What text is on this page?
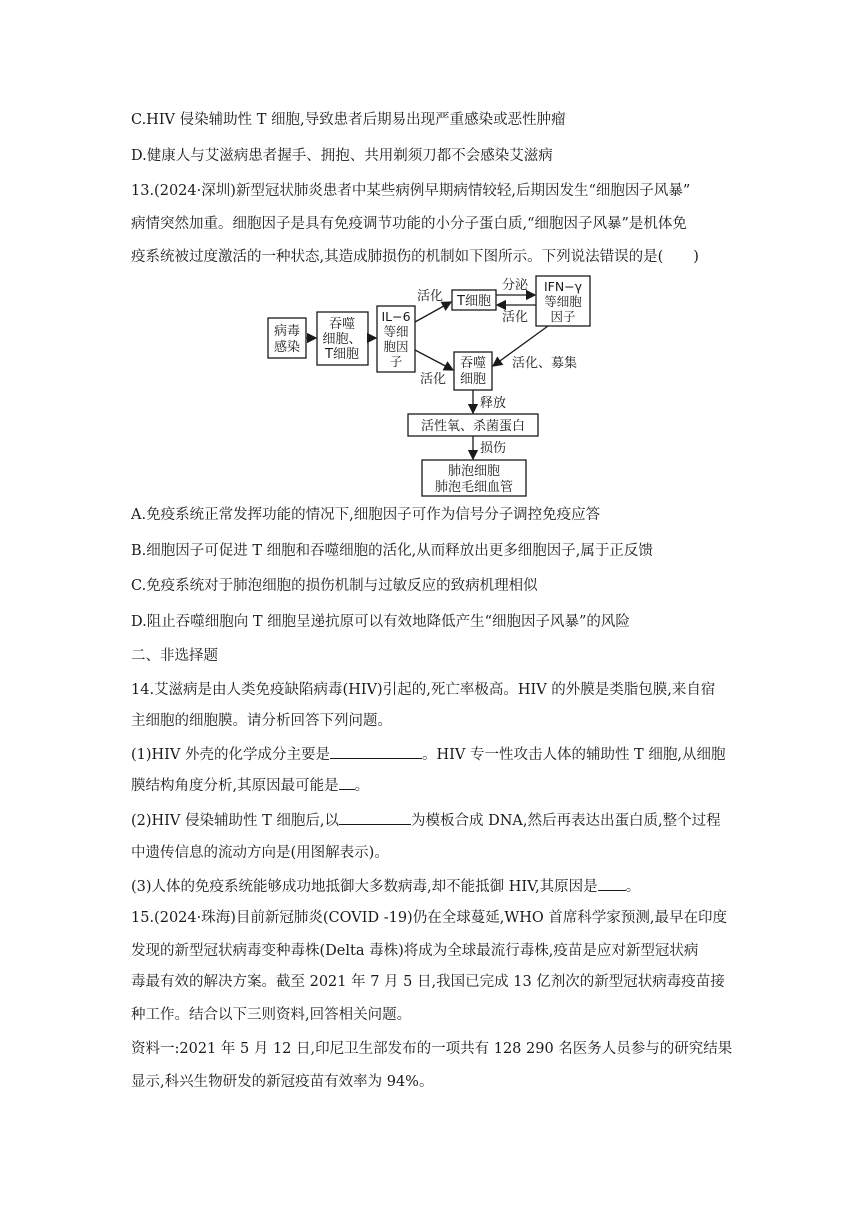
C.HIV 侵染辅助性 T 细胞,导致患者后期易出现严重感染或恶性肿瘤
D.健康人与艾滋病患者握手、拥抱、共用剃须刀都不会感染艾滋病
13.(2024·深圳)新型冠状肺炎患者中某些病例早期病情较轻,后期因发生“细胞因子风暴”
病情突然加重。细胞因子是具有免疫调节功能的小分子蛋白质,“细胞因子风暴”是机体免
疫系统被过度激活的一种状态,其造成肺损伤的机制如下图所示。下列说法错误的是( )
病毒
感染
吞噬
细胞、
T细胞
IL−6
等细
胞因
子
T细胞
IFN−γ
等细胞
因子
吞噬
细胞
活性氧、杀菌蛋白
肺泡细胞
肺泡毛细血管
活化
分泌
活化
活化
活化、募集
释放
损伤
A.免疫系统正常发挥功能的情况下,细胞因子可作为信号分子调控免疫应答
B.细胞因子可促进 T 细胞和吞噬细胞的活化,从而释放出更多细胞因子,属于正反馈
C.免疫系统对于肺泡细胞的损伤机制与过敏反应的致病机理相似
D.阻止吞噬细胞向 T 细胞呈递抗原可以有效地降低产生“细胞因子风暴”的风险
二、非选择题
14.艾滋病是由人类免疫缺陷病毒(HIV)引起的,死亡率极高。HIV 的外膜是类脂包膜,来自宿
主细胞的细胞膜。请分析回答下列问题。
(1)HIV 外壳的化学成分主要是	。HIV 专一性攻击人体的辅助性 T 细胞,从细胞
膜结构角度分析,其原因最可能是 。
(2)HIV 侵染辅助性 T 细胞后,以	为模板合成 DNA,然后再表达出蛋白质,整个过程
中遗传信息的流动方向是(用图解表示)。
(3)人体的免疫系统能够成功地抵御大多数病毒,却不能抵御 HIV,其原因是 。
15.(2024·珠海)目前新冠肺炎(COVID -19)仍在全球蔓延,WHO 首席科学家预测,最早在印度
发现的新型冠状病毒变种毒株(Delta 毒株)将成为全球最流行毒株,疫苗是应对新型冠状病
毒最有效的解决方案。截至 2021 年 7 月 5 日,我国已完成 13 亿剂次的新型冠状病毒疫苗接
种工作。结合以下三则资料,回答相关问题。
资料一:2021 年 5 月 12 日,印尼卫生部发布的一项共有 128 290 名医务人员参与的研究结果
显示,科兴生物研发的新冠疫苗有效率为 94%。
